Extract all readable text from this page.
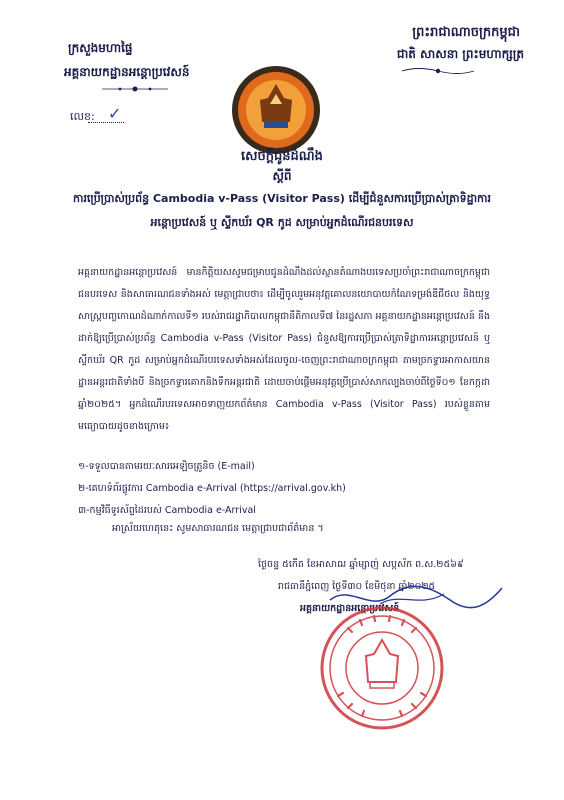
ក្រសួងមហាផ្ទៃ
អគ្គនាយកដ្ឋានអន្តោប្រវេសន៍
លេខ: ✓
ព្រះរាជាណាចក្រកម្ពុជា
ជាតិ សាសនា ព្រះមហាក្សត្រ
សេចក្ដីជូនដំណឹង
ស្ដីពី
ការប្រើប្រាស់ប្រព័ន្ធ Cambodia v-Pass (Visitor Pass) ដើម្បីជំនួសការប្រើប្រាស់ត្រាទិដ្ឋាការ
អន្តោប្រវេសន៍ ឬ ស្ទីកឃ័រ QR កូដ សម្រាប់អ្នកដំណើរជនបរទេស

អគ្គនាយកដ្ឋានអន្តោប្រវេសន៍ មានកិត្តិយសសូមជម្រាបជូនដំណឹងដល់ស្ថានតំណាងបរទេសប្រចាំព្រះរាជាណាចក្រកម្ពុជា ជនបរទេស និងសាធារណជនទាំងអស់ មេត្តាជ្រាបថា៖ ដើម្បីចូលរួមអនុវត្តគោលនយោបាយកំណែទម្រង់ឌីជីថល និងយុទ្ធសាស្ត្របញ្ចកោណដំណាក់កាលទី១ របស់រាជរដ្ឋាភិបាលកម្ពុជានីតិកាលទី៧ នៃរដ្ឋសភា អគ្គនាយកដ្ឋានអន្តោប្រវេសន៍ នឹងដាក់ឱ្យប្រើប្រាស់ប្រព័ន្ធ Cambodia v-Pass (Visitor Pass) ជំនួសឱ្យការប្រើប្រាស់ត្រាទិដ្ឋាការអន្តោប្រវេសន៍ ឬ ស្ទីកឃ័រ QR កូដ សម្រាប់អ្នកដំណើរបរទេសទាំងអស់ដែលចូល-ចេញព្រះរាជាណាចក្រកម្ពុជា តាមច្រកទ្វារអាកាសយានដ្ឋានអន្តរជាតិទាំងបី និងច្រកទ្វារគោកនិងទឹកអន្តរជាតិ ដោយចាប់ផ្ដើមអនុវត្តប្រើប្រាស់សាកល្បងចាប់ពីថ្ងៃទី០១ ខែកក្កដា ឆ្នាំ២០២៥។ អ្នកដំណើរបរទេសអាចទាញយកព័ត៌មាន Cambodia v-Pass (Visitor Pass) របស់ខ្លួនតាមមធ្យោបាយដូចខាងក្រោម៖

១-ទទួលបានតាមរយៈសារអេឡិចត្រូនិច (E-mail)
២-គេហទំព័រផ្លូវការ Cambodia e-Arrival (https://arrival.gov.kh)
៣-កម្មវិធីទូរស័ព្ទដៃរបស់ Cambodia e-Arrival
អាស្រ័យហេតុនេះ សូមសាធារណជន មេត្តាជ្រាបជាព័ត៌មាន ។
ថ្ងៃចន្ទ ៥កើត ខែអាសាឍ ឆ្នាំម្សាញ់ សប្តស័ក ព.ស.២៥៦៩
រាជធានីភ្នំពេញ ថ្ងៃទី៣០ ខែមិថុនា ឆ្នាំ២០២៥
អគ្គនាយកដ្ឋានអន្តោប្រវេសន៍
